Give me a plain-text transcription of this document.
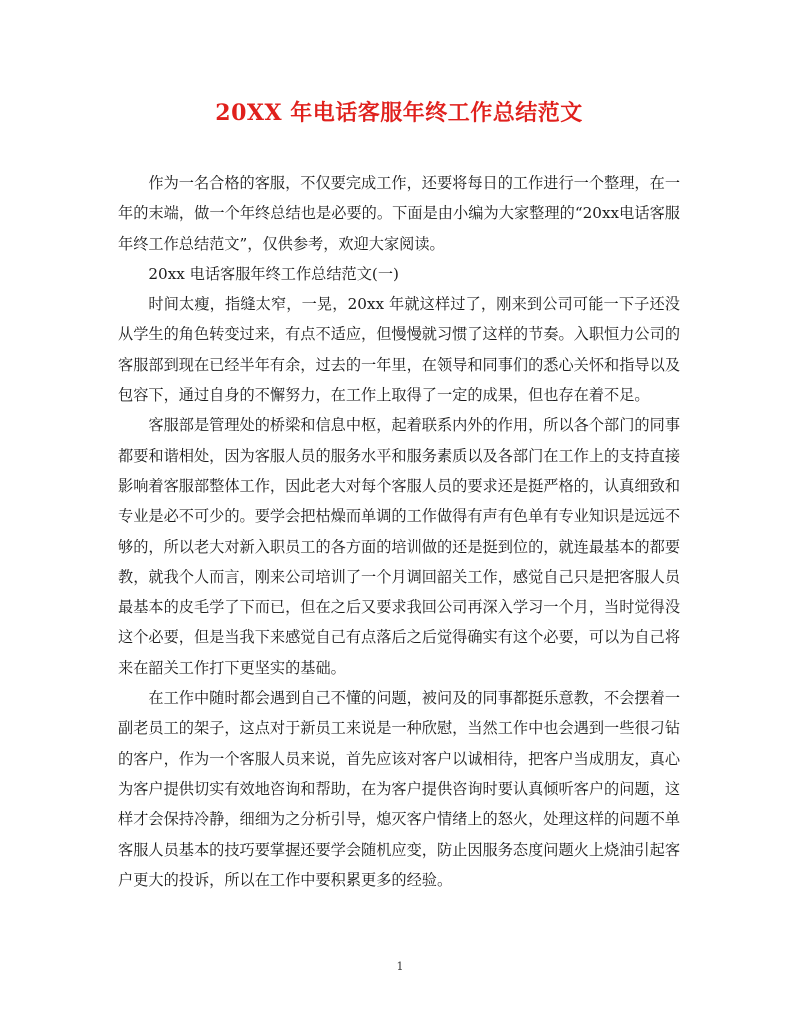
20XX 年电话客服年终工作总结范文

作为一名合格的客服，不仅要完成工作，还要将每日的工作进行一个整理，在一年的末端，做一个年终总结也是必要的。下面是由小编为大家整理的“20xx电话客服年终工作总结范文”，仅供参考，欢迎大家阅读。

20xx 电话客服年终工作总结范文(一)

时间太瘦，指缝太窄，一晃，20xx 年就这样过了，刚来到公司可能一下子还没从学生的角色转变过来，有点不适应，但慢慢就习惯了这样的节奏。入职恒力公司的客服部到现在已经半年有余，过去的一年里，在领导和同事们的悉心关怀和指导以及包容下，通过自身的不懈努力，在工作上取得了一定的成果，但也存在着不足。

客服部是管理处的桥梁和信息中枢，起着联系内外的作用，所以各个部门的同事都要和谐相处，因为客服人员的服务水平和服务素质以及各部门在工作上的支持直接影响着客服部整体工作，因此老大对每个客服人员的要求还是挺严格的，认真细致和专业是必不可少的。要学会把枯燥而单调的工作做得有声有色单有专业知识是远远不够的，所以老大对新入职员工的各方面的培训做的还是挺到位的，就连最基本的都要教，就我个人而言，刚来公司培训了一个月调回韶关工作，感觉自己只是把客服人员最基本的皮毛学了下而已，但在之后又要求我回公司再深入学习一个月，当时觉得没这个必要，但是当我下来感觉自己有点落后之后觉得确实有这个必要，可以为自己将来在韶关工作打下更坚实的基础。

在工作中随时都会遇到自己不懂的问题，被问及的同事都挺乐意教，不会摆着一副老员工的架子，这点对于新员工来说是一种欣慰，当然工作中也会遇到一些很刁钻的客户，作为一个客服人员来说，首先应该对客户以诚相待，把客户当成朋友，真心为客户提供切实有效地咨询和帮助，在为客户提供咨询时要认真倾听客户的问题，这样才会保持冷静，细细为之分析引导，熄灭客户情绪上的怒火，处理这样的问题不单客服人员基本的技巧要掌握还要学会随机应变，防止因服务态度问题火上烧油引起客户更大的投诉，所以在工作中要积累更多的经验。

1
